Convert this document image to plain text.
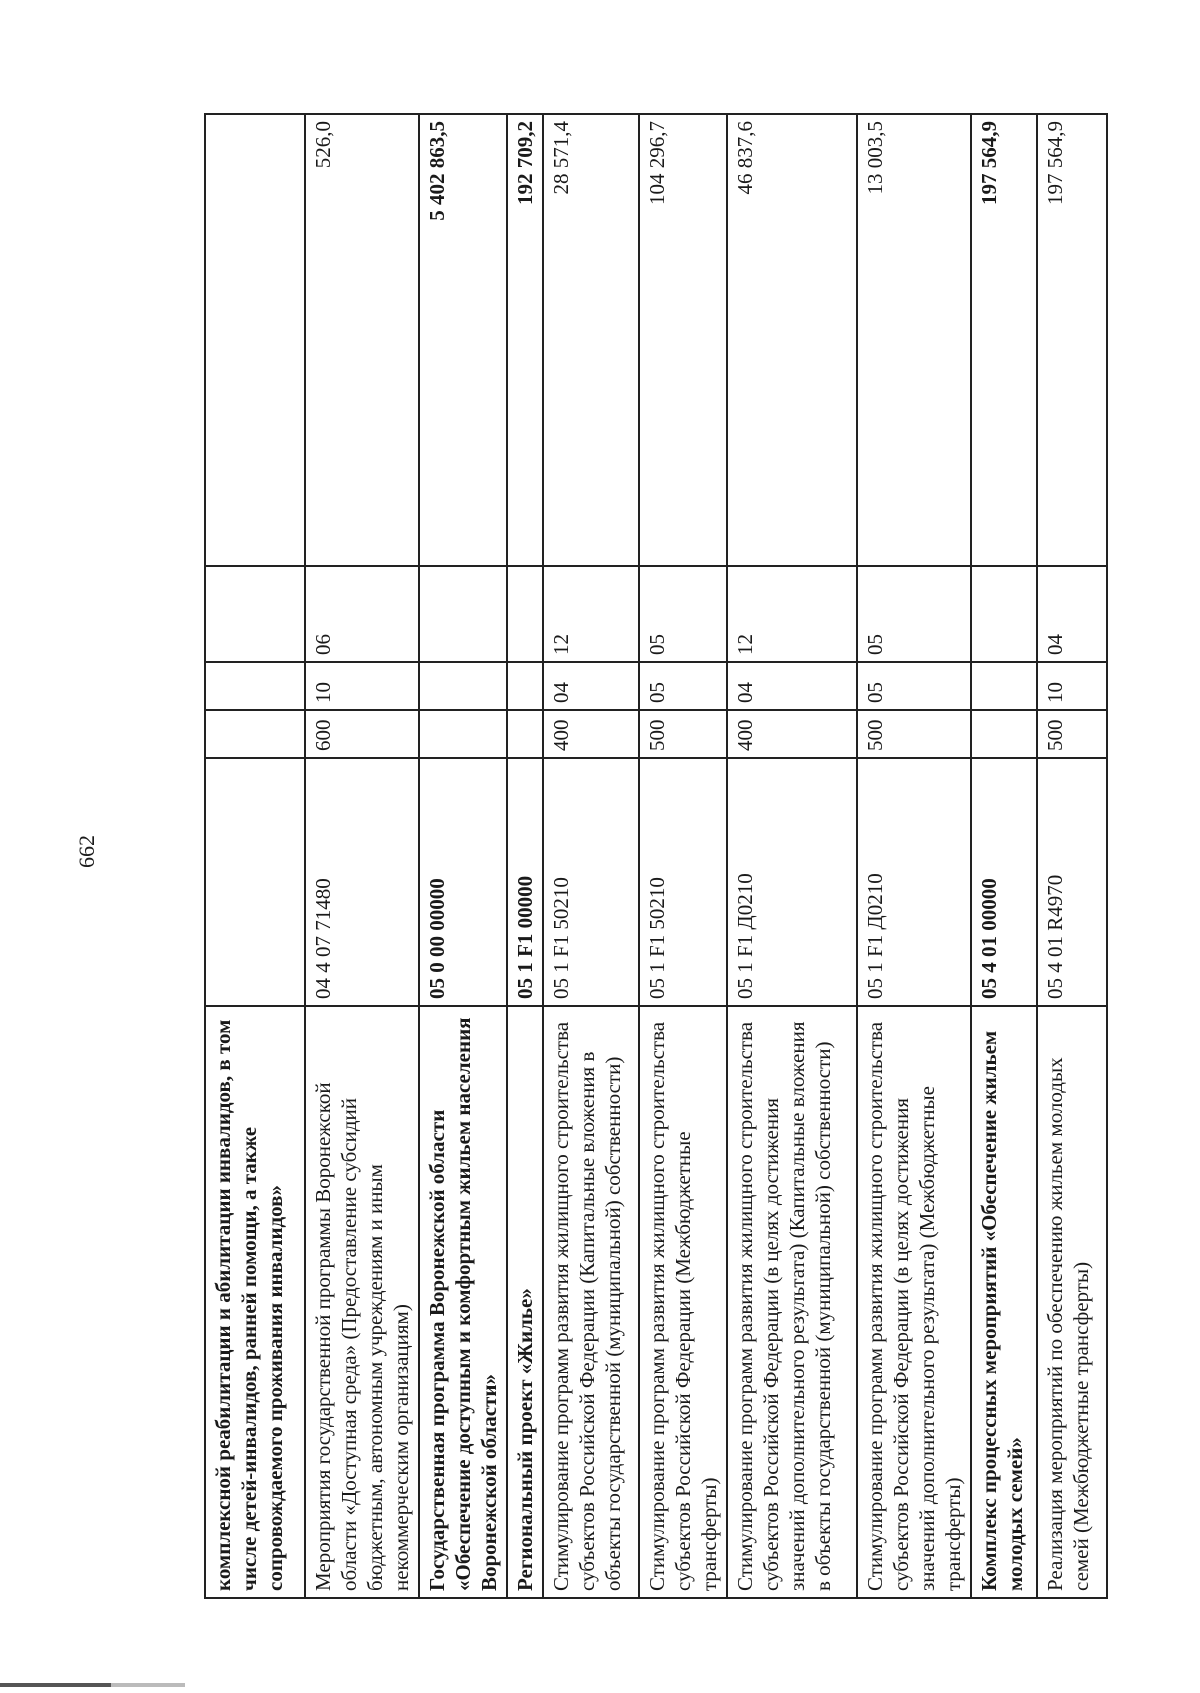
662
комплексной реабилитации и абилитации инвалидов, в том числе детей-инвалидов, ранней помощи, а также сопровождаемого проживания инвалидов»					
Мероприятия государственной программы Воронежской области «Доступная среда» (Предоставление субсидий бюджетным, автономным учреждениям и иным некоммерческим организациям)	04 4 07 71480	600	10	06	526,0
Государственная программа Воронежской области «Обеспечение доступным и комфортным жильем населения Воронежской области»	05 0 00 00000				5 402 863,5
Региональный проект «Жилье»	05 1 F1 00000				192 709,2
Стимулирование программ развития жилищного строительства субъектов Российской Федерации (Капитальные вложения в объекты государственной (муниципальной) собственности)	05 1 F1 50210	400	04	12	28 571,4
Стимулирование программ развития жилищного строительства субъектов Российской Федерации (Межбюджетные трансферты)	05 1 F1 50210	500	05	05	104 296,7
Стимулирование программ развития жилищного строительства субъектов Российской Федерации (в целях достижения значений дополнительного результата) (Капитальные вложения в объекты государственной (муниципальной) собственности)	05 1 F1 Д0210	400	04	12	46 837,6
Стимулирование программ развития жилищного строительства субъектов Российской Федерации (в целях достижения значений дополнительного результата) (Межбюджетные трансферты)	05 1 F1 Д0210	500	05	05	13 003,5
Комплекс процессных мероприятий «Обеспечение жильем молодых семей»	05 4 01 00000				197 564,9
Реализация мероприятий по обеспечению жильем молодых семей (Межбюджетные трансферты)	05 4 01 R4970	500	10	04	197 564,9
